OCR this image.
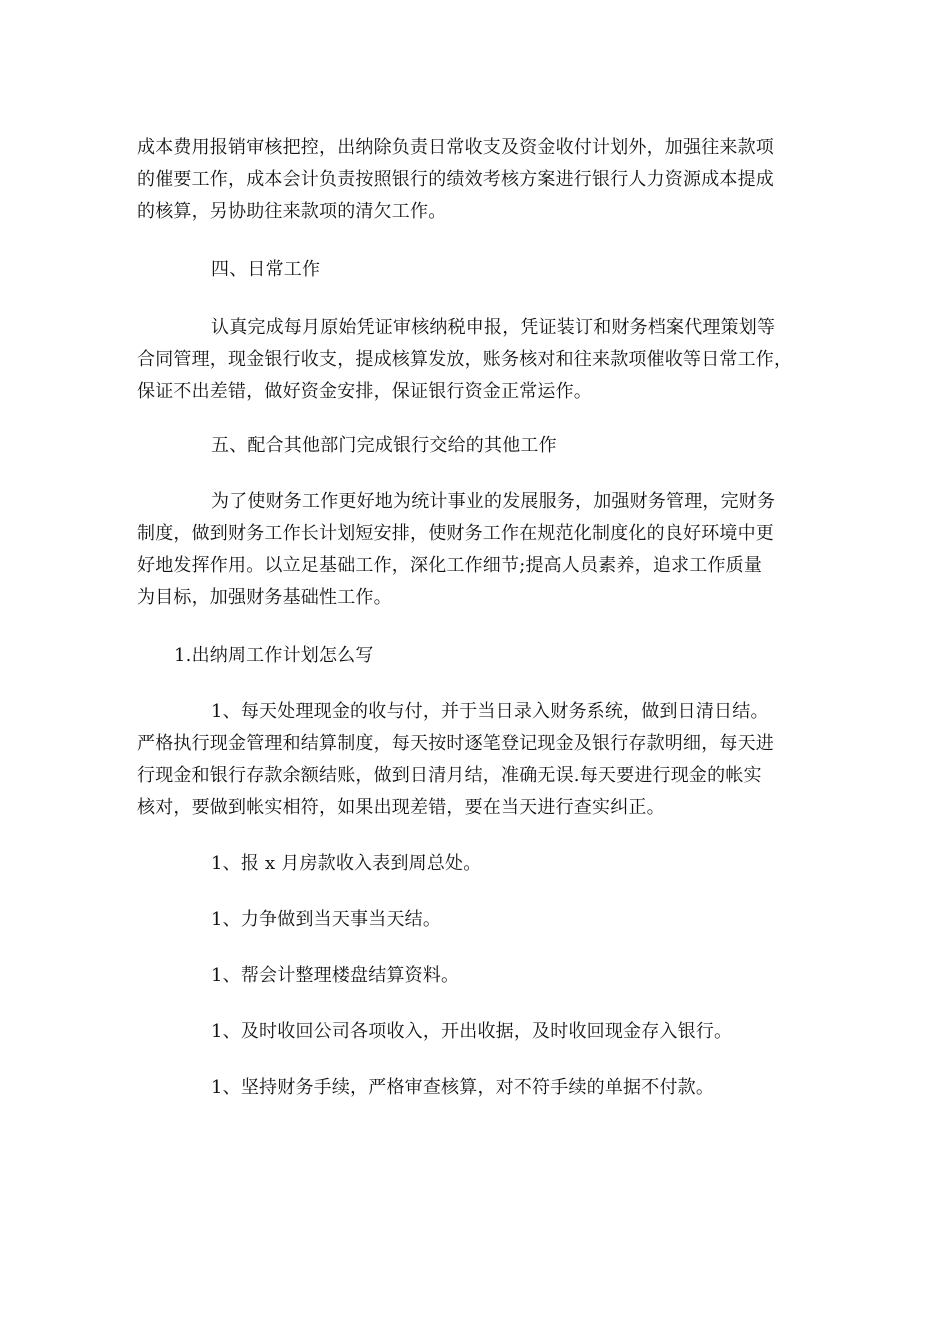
成本费用报销审核把控，出纳除负责日常收支及资金收付计划外，加强往来款项
的催要工作，成本会计负责按照银行的绩效考核方案进行银行人力资源成本提成
的核算，另协助往来款项的清欠工作。
四、日常工作
认真完成每月原始凭证审核纳税申报，凭证装订和财务档案代理策划等
合同管理，现金银行收支，提成核算发放，账务核对和往来款项催收等日常工作，
保证不出差错，做好资金安排，保证银行资金正常运作。
五、配合其他部门完成银行交给的其他工作
为了使财务工作更好地为统计事业的发展服务，加强财务管理，完财务
制度，做到财务工作长计划短安排，使财务工作在规范化制度化的良好环境中更
好地发挥作用。以立足基础工作，深化工作细节;提高人员素养，追求工作质量
为目标，加强财务基础性工作。
1.出纳周工作计划怎么写
1、每天处理现金的收与付，并于当日录入财务系统，做到日清日结。
严格执行现金管理和结算制度，每天按时逐笔登记现金及银行存款明细，每天进
行现金和银行存款余额结账，做到日清月结，准确无误.每天要进行现金的帐实
核对，要做到帐实相符，如果出现差错，要在当天进行查实纠正。
1、报 x 月房款收入表到周总处。
1、力争做到当天事当天结。
1、帮会计整理楼盘结算资料。
1、及时收回公司各项收入，开出收据，及时收回现金存入银行。
1、坚持财务手续，严格审查核算，对不符手续的单据不付款。
